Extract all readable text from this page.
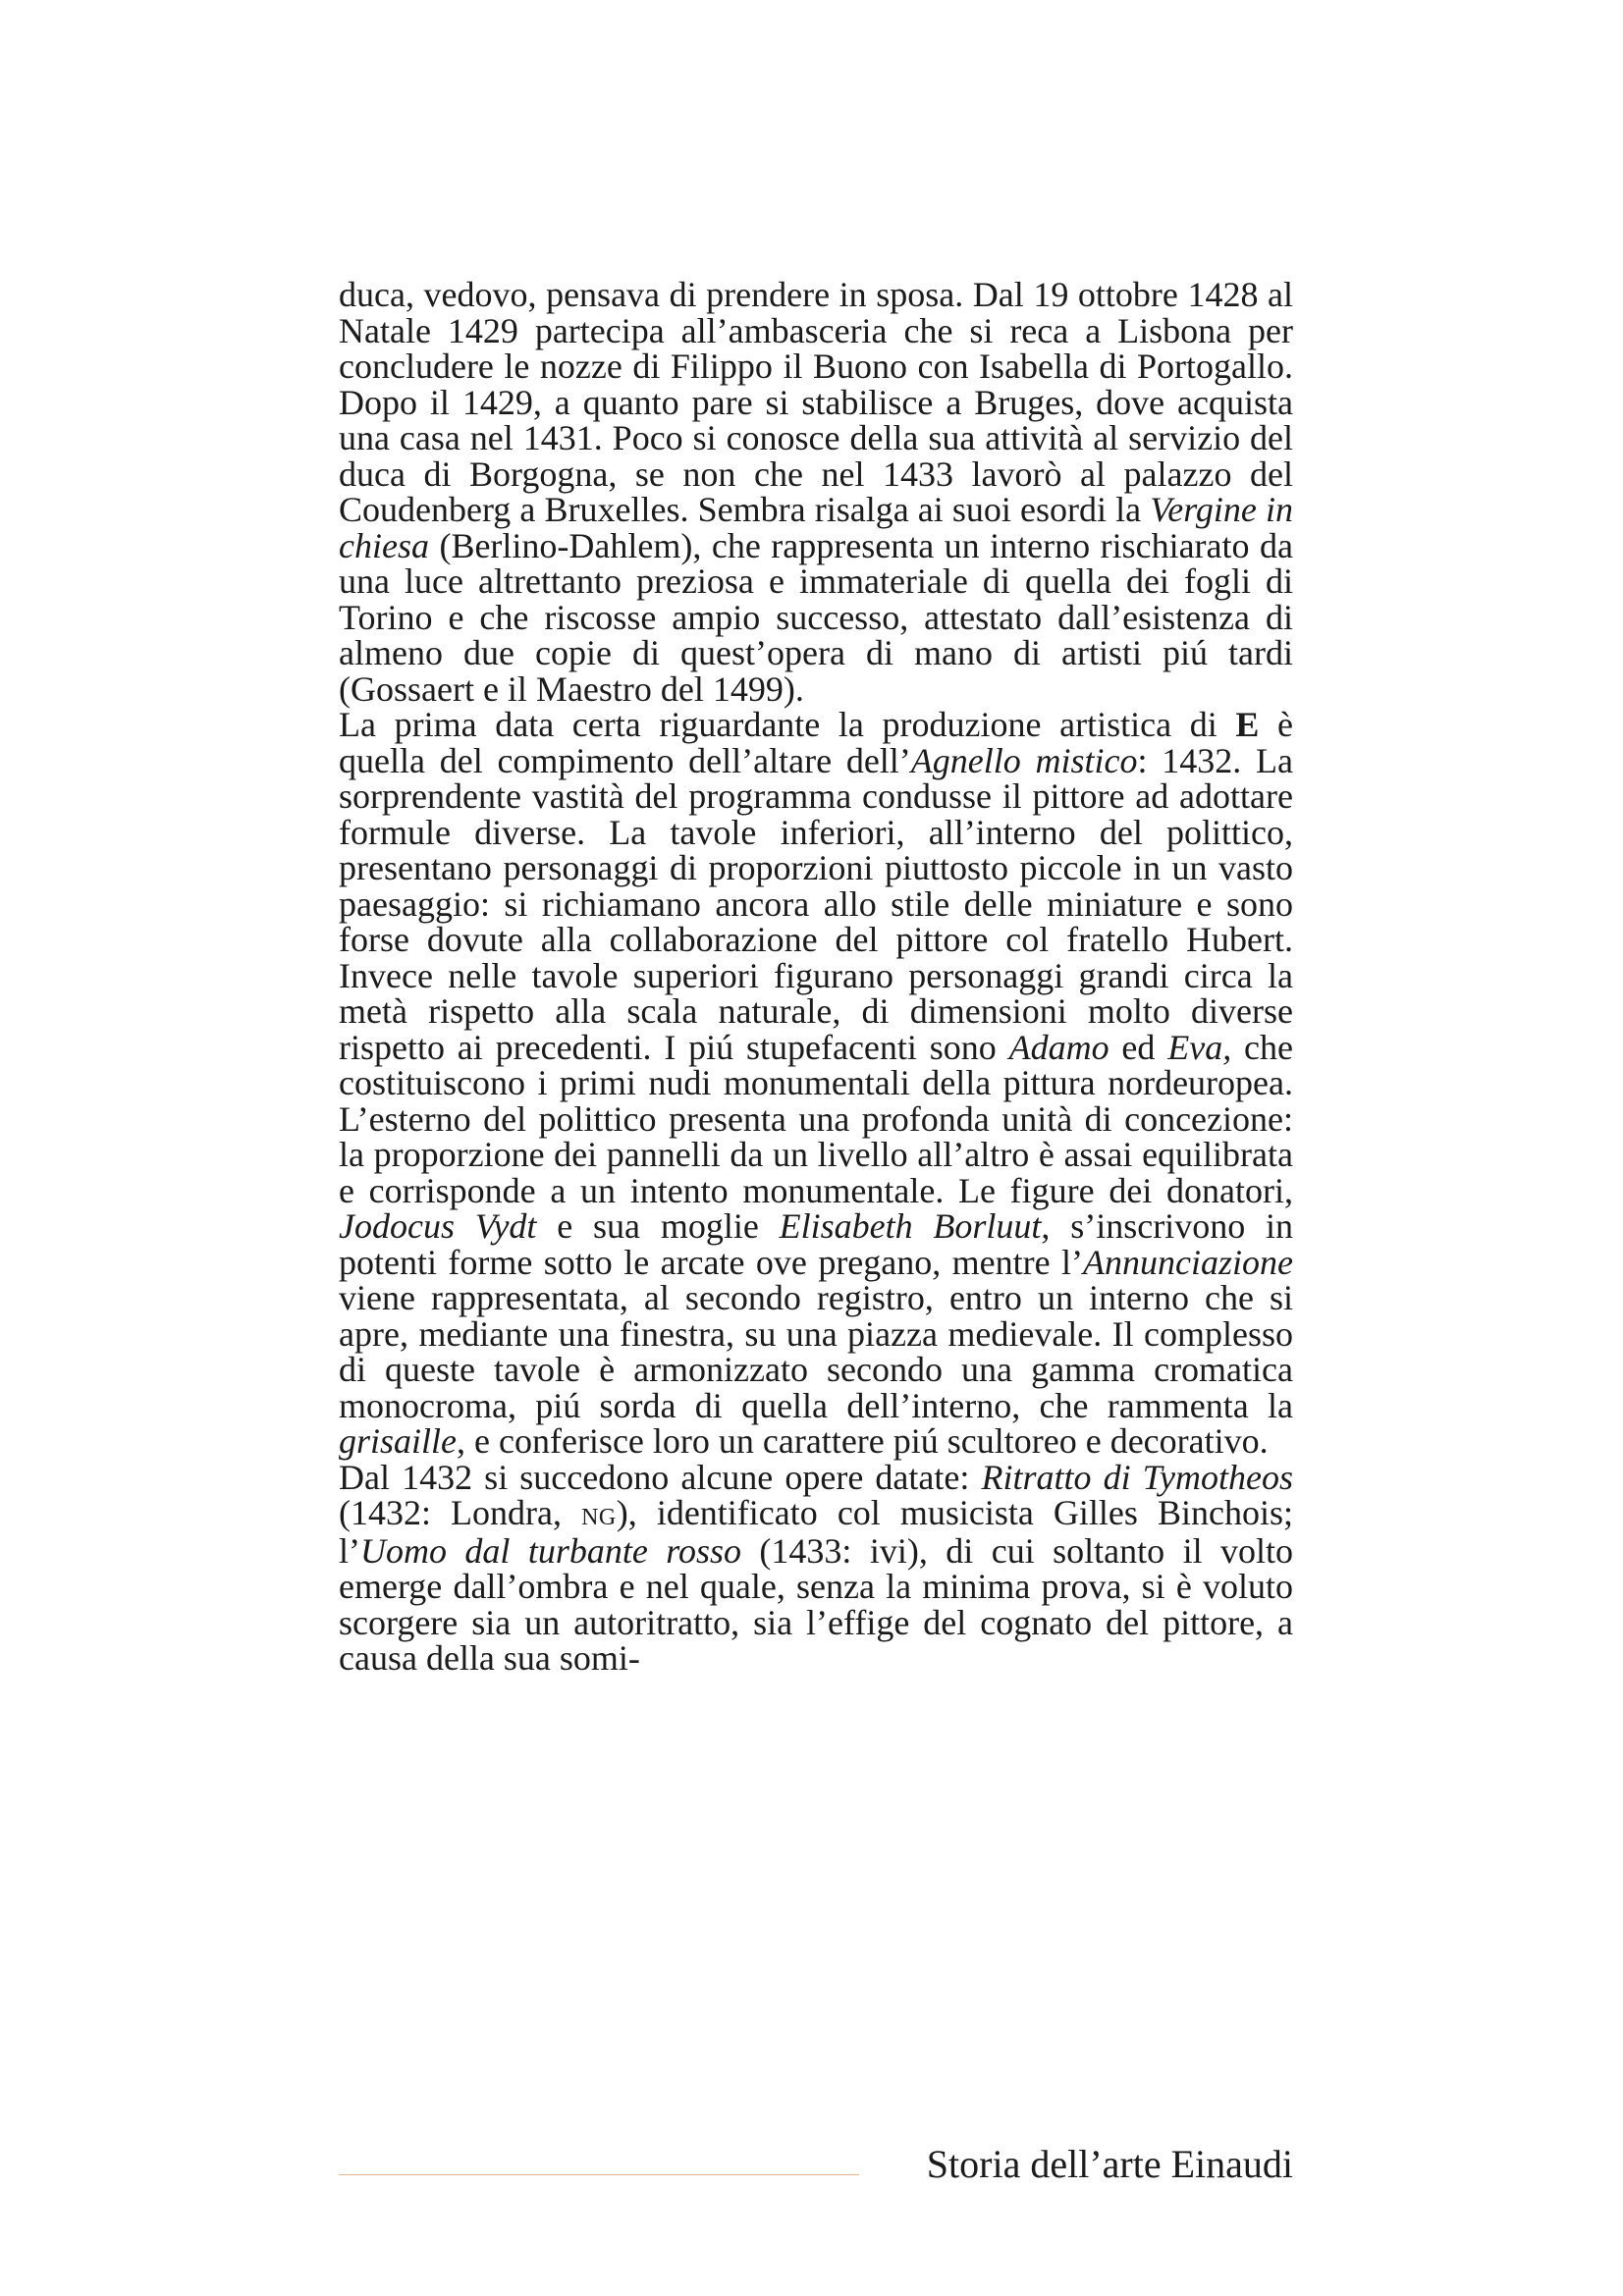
duca, vedovo, pensava di prendere in sposa. Dal 19 ottobre 1428 al Natale 1429 partecipa all’ambasceria che si reca a Lisbona per concludere le nozze di Filippo il Buono con Isabella di Portogallo. Dopo il 1429, a quanto pare si stabilisce a Bruges, dove acquista una casa nel 1431. Poco si conosce della sua attività al servizio del duca di Borgogna, se non che nel 1433 lavorò al palazzo del Coudenberg a Bruxelles. Sembra risalga ai suoi esordi la Vergine in chiesa (Berlino-Dahlem), che rappresenta un interno rischiarato da una luce altrettanto preziosa e immateriale di quella dei fogli di Torino e che riscosse ampio successo, attestato dall’esistenza di almeno due copie di quest’opera di mano di artisti piú tardi (Gossaert e il Maestro del 1499).

La prima data certa riguardante la produzione artistica di E è quella del compimento dell’altare dell’Agnello mistico: 1432. La sorprendente vastità del programma condusse il pittore ad adottare formule diverse. La tavole inferiori, all’interno del polittico, presentano personaggi di proporzioni piuttosto piccole in un vasto paesaggio: si richiamano ancora allo stile delle miniature e sono forse dovute alla collaborazione del pittore col fratello Hubert. Invece nelle tavole superiori figurano personaggi grandi circa la metà rispetto alla scala naturale, di dimensioni molto diverse rispetto ai precedenti. I piú stupefacenti sono Adamo ed Eva, che costituiscono i primi nudi monumentali della pittura nordeuropea. L’esterno del polittico presenta una profonda unità di concezione: la proporzione dei pannelli da un livello all’altro è assai equilibrata e corrisponde a un intento monumentale. Le figure dei donatori, Jodocus Vydt e sua moglie Elisabeth Borluut, s’inscrivono in potenti forme sotto le arcate ove pregano, mentre l’Annunciazione viene rappresentata, al secondo registro, entro un interno che si apre, mediante una finestra, su una piazza medievale. Il complesso di queste tavole è armonizzato secondo una gamma cromatica monocroma, piú sorda di quella dell’interno, che rammenta la grisaille, e conferisce loro un carattere piú scultoreo e decorativo.

Dal 1432 si succedono alcune opere datate: Ritratto di Tymotheos (1432: Londra, ng), identificato col musicista Gilles Binchois; l’Uomo dal turbante rosso (1433: ivi), di cui soltanto il volto emerge dall’ombra e nel quale, senza la minima prova, si è voluto scorgere sia un autoritratto, sia l’effige del cognato del pittore, a causa della sua somi-

Storia dell’arte Einaudi
